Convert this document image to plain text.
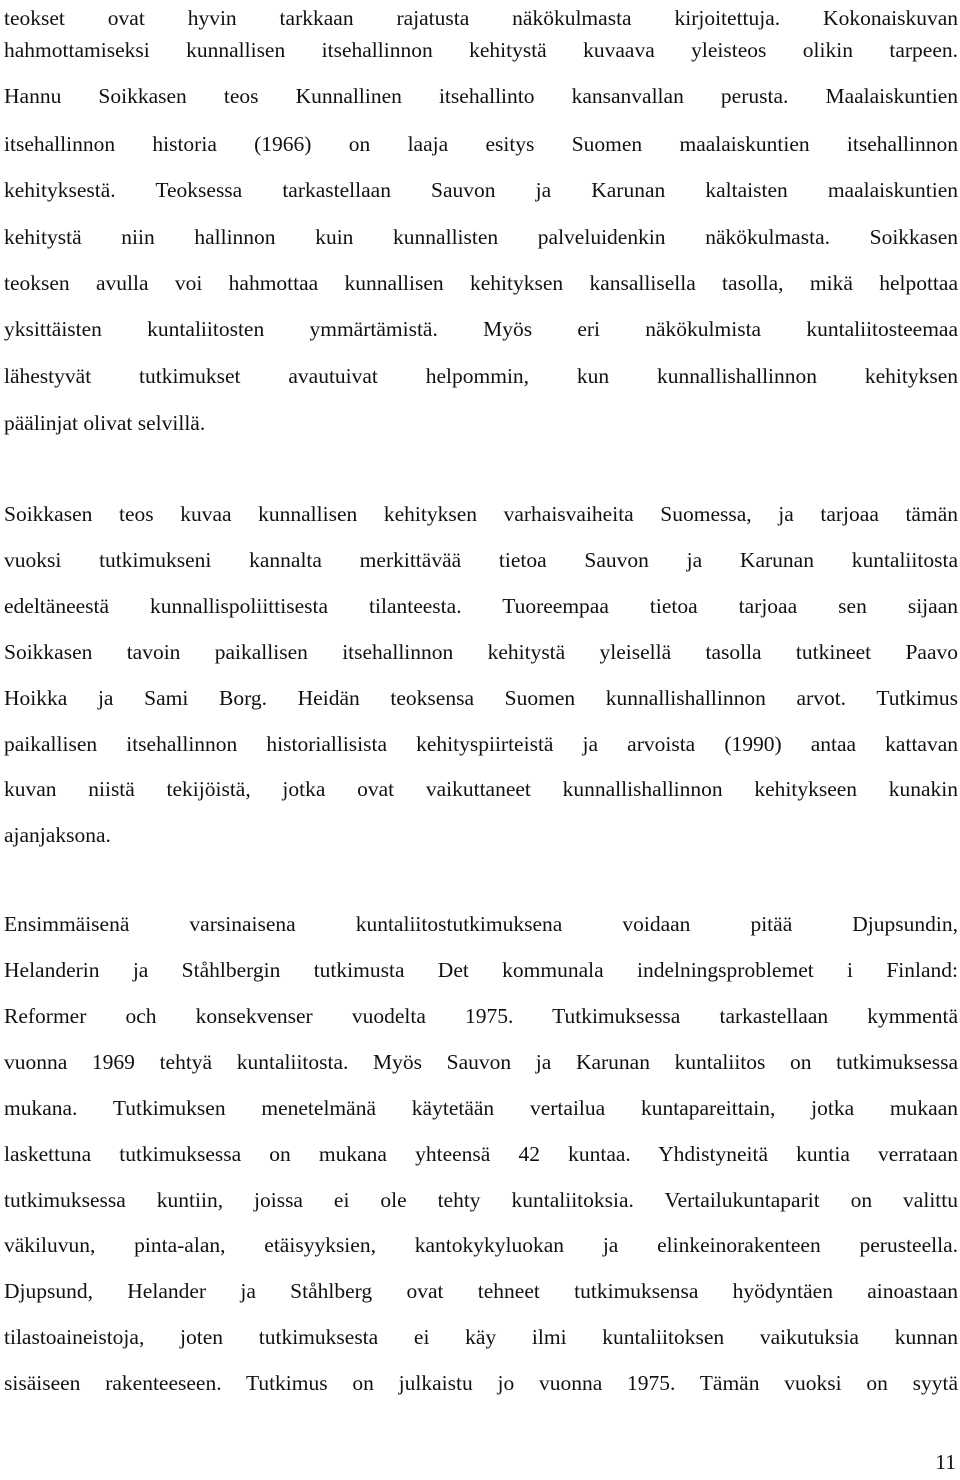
teokset ovat hyvin tarkkaan rajatusta näkökulmasta kirjoitettuja. Kokonaiskuvan
hahmottamiseksi kunnallisen itsehallinnon kehitystä kuvaava yleisteos olikin tarpeen.
Hannu Soikkasen teos Kunnallinen itsehallinto kansanvallan perusta. Maalaiskuntien
itsehallinnon historia (1966) on laaja esitys Suomen maalaiskuntien itsehallinnon
kehityksestä. Teoksessa tarkastellaan Sauvon ja Karunan kaltaisten maalaiskuntien
kehitystä niin hallinnon kuin kunnallisten palveluidenkin näkökulmasta. Soikkasen
teoksen avulla voi hahmottaa kunnallisen kehityksen kansallisella tasolla, mikä helpottaa
yksittäisten kuntaliitosten ymmärtämistä. Myös eri näkökulmista kuntaliitosteemaa
lähestyvät tutkimukset avautuivat helpommin, kun kunnallishallinnon kehityksen
päälinjat olivat selvillä.
Soikkasen teos kuvaa kunnallisen kehityksen varhaisvaiheita Suomessa, ja tarjoaa tämän
vuoksi tutkimukseni kannalta merkittävää tietoa Sauvon ja Karunan kuntaliitosta
edeltäneestä kunnallispoliittisesta tilanteesta. Tuoreempaa tietoa tarjoaa sen sijaan
Soikkasen tavoin paikallisen itsehallinnon kehitystä yleisellä tasolla tutkineet Paavo
Hoikka ja Sami Borg. Heidän teoksensa Suomen kunnallishallinnon arvot. Tutkimus
paikallisen itsehallinnon historiallisista kehityspiirteistä ja arvoista (1990) antaa kattavan
kuvan niistä tekijöistä, jotka ovat vaikuttaneet kunnallishallinnon kehitykseen kunakin
ajanjaksona.
Ensimmäisenä varsinaisena kuntaliitostutkimuksena voidaan pitää Djupsundin,
Helanderin ja Ståhlbergin tutkimusta Det kommunala indelningsproblemet i Finland:
Reformer och konsekvenser vuodelta 1975. Tutkimuksessa tarkastellaan kymmentä
vuonna 1969 tehtyä kuntaliitosta. Myös Sauvon ja Karunan kuntaliitos on tutkimuksessa
mukana. Tutkimuksen menetelmänä käytetään vertailua kuntapareittain, jotka mukaan
laskettuna tutkimuksessa on mukana yhteensä 42 kuntaa. Yhdistyneitä kuntia verrataan
tutkimuksessa kuntiin, joissa ei ole tehty kuntaliitoksia. Vertailukuntaparit on valittu
väkiluvun, pinta-alan, etäisyyksien, kantokykyluokan ja elinkeinorakenteen perusteella.
Djupsund, Helander ja Ståhlberg ovat tehneet tutkimuksensa hyödyntäen ainoastaan
tilastoaineistoja, joten tutkimuksesta ei käy ilmi kuntaliitoksen vaikutuksia kunnan
sisäiseen rakenteeseen. Tutkimus on julkaistu jo vuonna 1975. Tämän vuoksi on syytä
11
